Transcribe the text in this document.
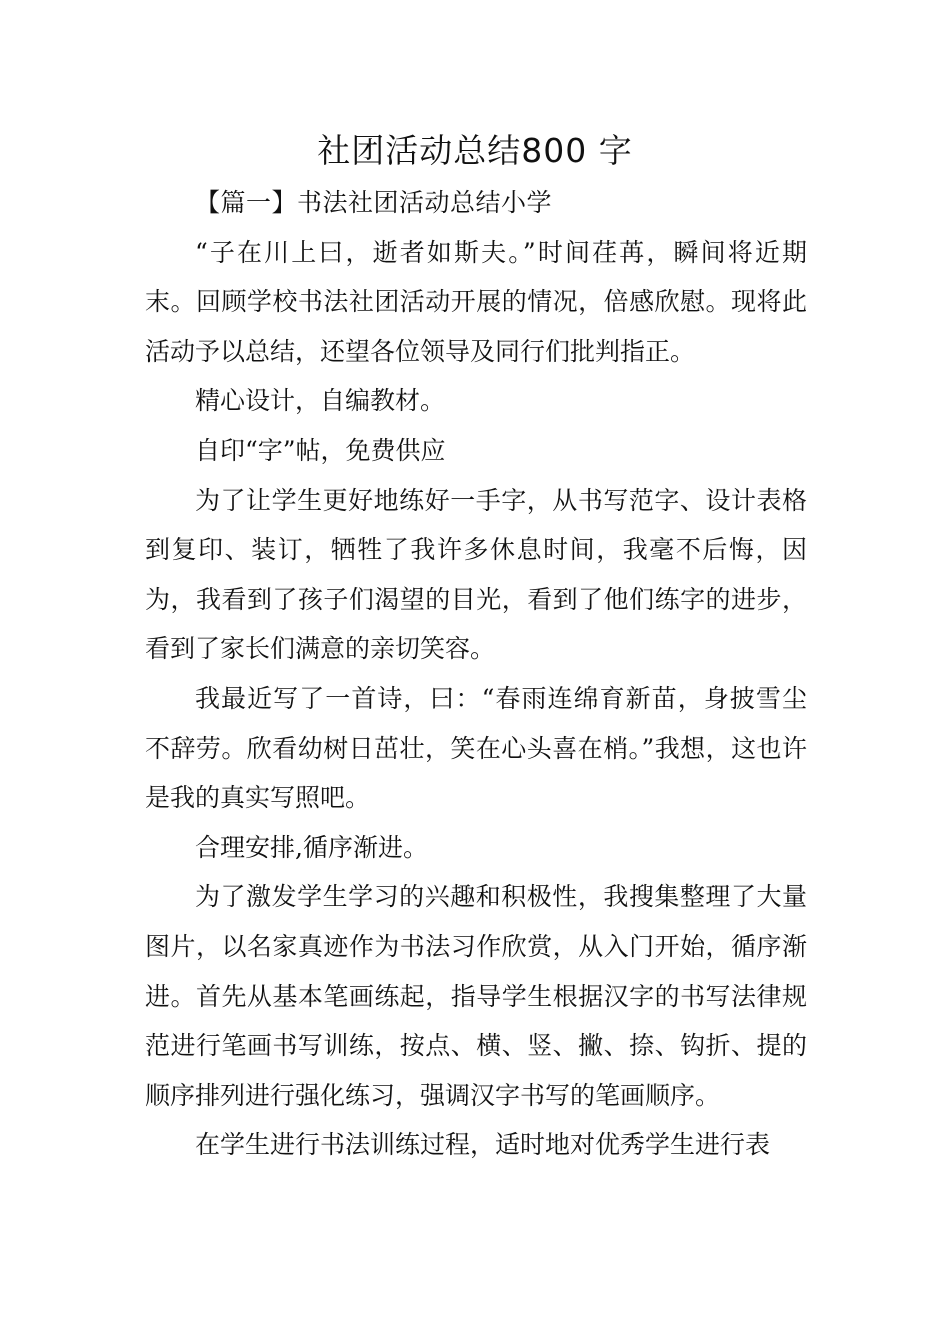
社团活动总结800 字

【篇一】书法社团活动总结小学

“子在川上曰，逝者如斯夫。”时间荏苒，瞬间将近期末。回顾学校书法社团活动开展的情况，倍感欣慰。现将此活动予以总结，还望各位领导及同行们批判指正。

精心设计，自编教材。

自印“字”帖，免费供应

为了让学生更好地练好一手字，从书写范字、设计表格到复印、装订，牺牲了我许多休息时间，我毫不后悔，因为，我看到了孩子们渴望的目光，看到了他们练字的进步，看到了家长们满意的亲切笑容。

我最近写了一首诗，曰：“春雨连绵育新苗，身披雪尘不辞劳。欣看幼树日茁壮，笑在心头喜在梢。”我想，这也许是我的真实写照吧。

合理安排,循序渐进。

为了激发学生学习的兴趣和积极性，我搜集整理了大量图片，以名家真迹作为书法习作欣赏，从入门开始，循序渐进。首先从基本笔画练起，指导学生根据汉字的书写法律规范进行笔画书写训练，按点、横、竖、撇、捺、钩折、提的顺序排列进行强化练习，强调汉字书写的笔画顺序。

在学生进行书法训练过程，适时地对优秀学生进行表
